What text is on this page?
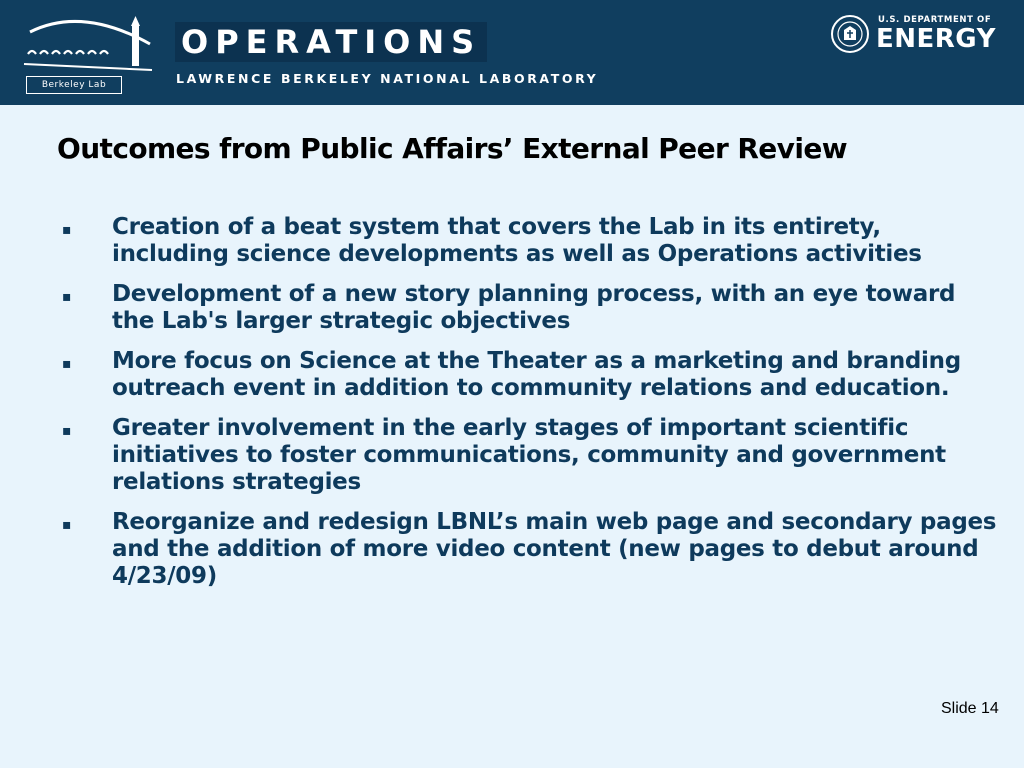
Berkeley Lab
OPERATIONS
LAWRENCE BERKELEY NATIONAL LABORATORY
U.S. DEPARTMENT OF
ENERGY
Outcomes from Public Affairs’ External Peer Review
▪ Creation of a beat system that covers the Lab in its entirety, including science developments as well as Operations activities
▪ Development of a new story planning process, with an eye toward the Lab's larger strategic objectives
▪ More focus on Science at the Theater as a marketing and branding outreach event in addition to community relations and education.
▪ Greater involvement in the early stages of important scientific initiatives to foster communications, community and government relations strategies
▪ Reorganize and redesign LBNL’s main web page and secondary pages and the addition of more video content (new pages to debut around 4/23/09)
Slide 14
